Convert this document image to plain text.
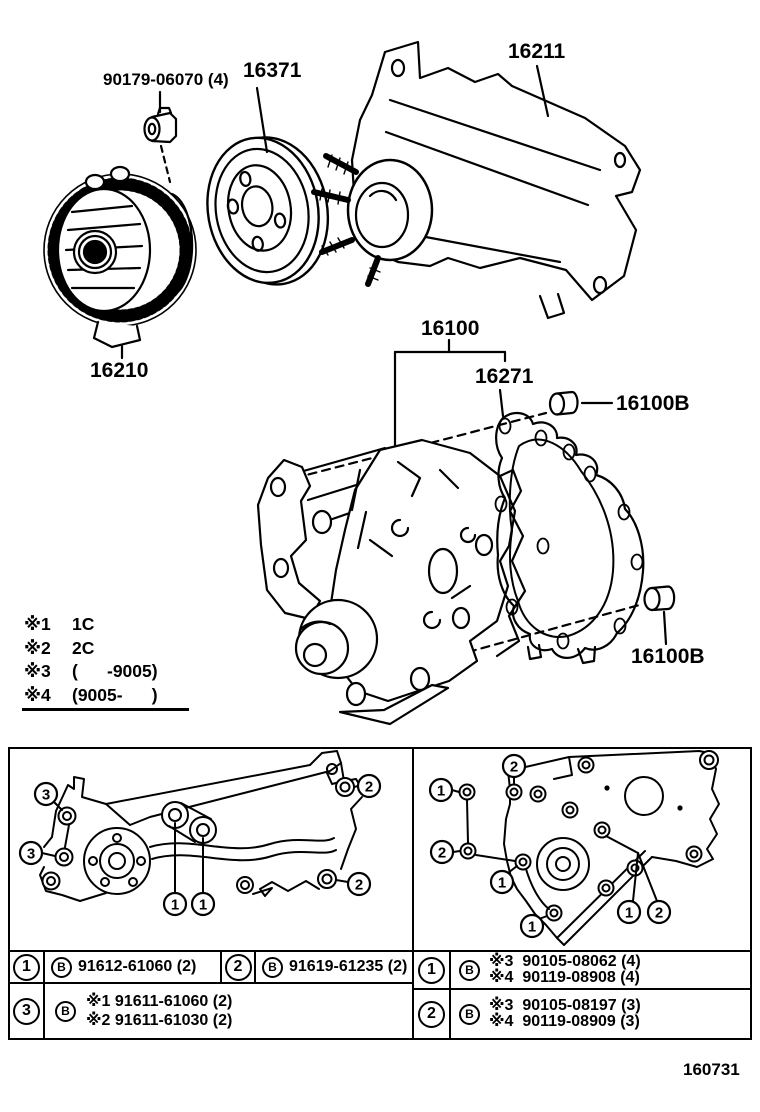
90179-06070 (4) 16371
16211
16210
16100
16271
16100B
16100B
※1	1C
※2	2C
※3	(      -9005)
※4	(9005-      )
3
3
2
2
1 1
1	B 91612-61060 (2)	2	B 91619-61235 (2)
3	B
※1 91611-61060 (2)
※2 91611-61030 (2)
2
1
2
1
1
1 2
1	B
※3  90105-08062 (4)
※4  90119-08908 (4)
2	B
※3  90105-08197 (3)
※4  90119-08909 (3)
160731
